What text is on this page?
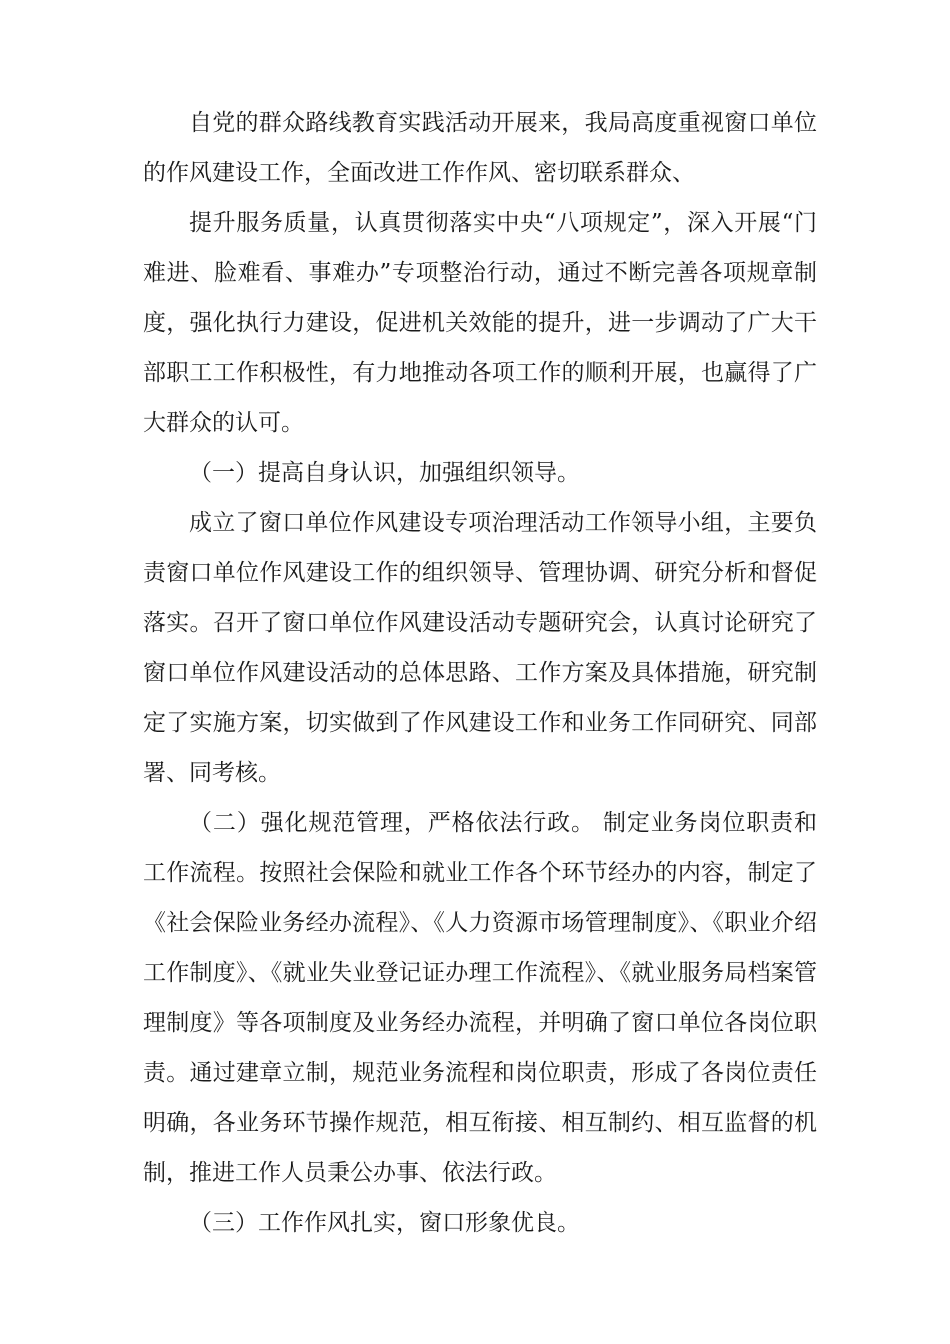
自党的群众路线教育实践活动开展来，我局高度重视窗口单位的作风建设工作，全面改进工作作风、密切联系群众、

提升服务质量，认真贯彻落实中央“八项规定”，深入开展“门难进、脸难看、事难办”专项整治行动，通过不断完善各项规章制度，强化执行力建设，促进机关效能的提升，进一步调动了广大干部职工工作积极性，有力地推动各项工作的顺利开展，也赢得了广大群众的认可。

（一）提高自身认识，加强组织领导。

成立了窗口单位作风建设专项治理活动工作领导小组，主要负责窗口单位作风建设工作的组织领导、管理协调、研究分析和督促落实。召开了窗口单位作风建设活动专题研究会，认真讨论研究了窗口单位作风建设活动的总体思路、工作方案及具体措施，研究制定了实施方案，切实做到了作风建设工作和业务工作同研究、同部署、同考核。

（二）强化规范管理，严格依法行政。 制定业务岗位职责和工作流程。按照社会保险和就业工作各个环节经办的内容，制定了《社会保险业务经办流程》、《人力资源市场管理制度》、《职业介绍工作制度》、《就业失业登记证办理工作流程》、《就业服务局档案管理制度》等各项制度及业务经办流程，并明确了窗口单位各岗位职责。通过建章立制，规范业务流程和岗位职责，形成了各岗位责任明确，各业务环节操作规范，相互衔接、相互制约、相互监督的机制，推进工作人员秉公办事、依法行政。

（三）工作作风扎实，窗口形象优良。
